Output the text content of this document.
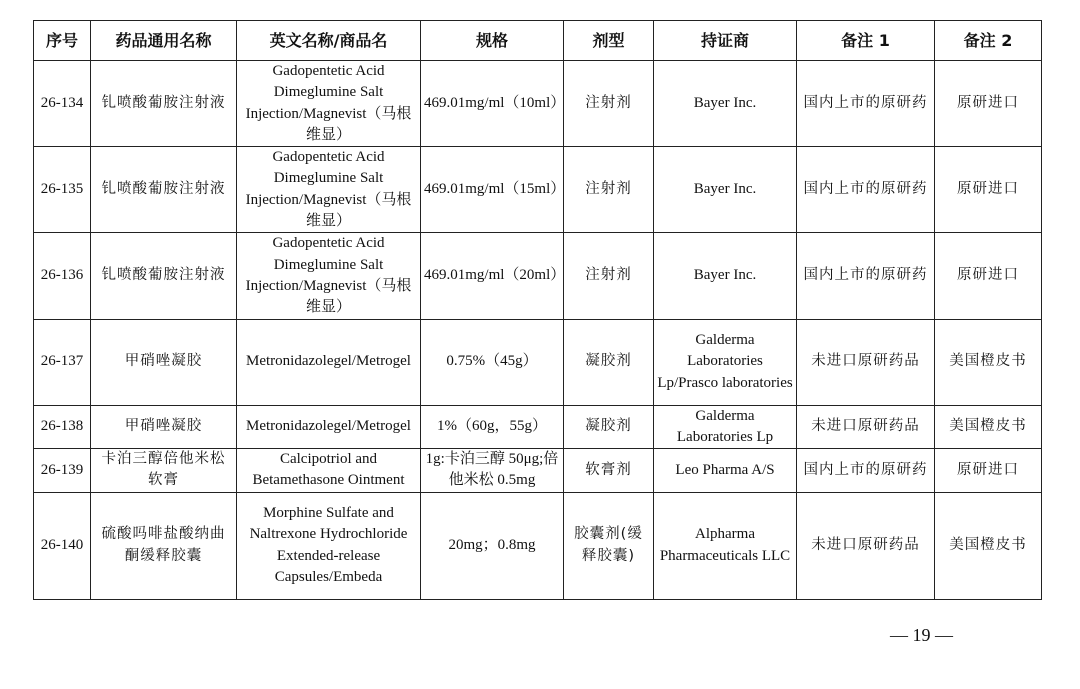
序号	药品通用名称	英文名称/商品名	规格	剂型	持证商	备注 1	备注 2
26-134	钆喷酸葡胺注射液	Gadopentetic Acid Dimeglumine Salt Injection/Magnevist（马根维显）	469.01mg/ml（10ml）	注射剂	Bayer Inc.	国内上市的原研药	原研进口
26-135	钆喷酸葡胺注射液	Gadopentetic Acid Dimeglumine Salt Injection/Magnevist（马根维显）	469.01mg/ml（15ml）	注射剂	Bayer Inc.	国内上市的原研药	原研进口
26-136	钆喷酸葡胺注射液	Gadopentetic Acid Dimeglumine Salt Injection/Magnevist（马根维显）	469.01mg/ml（20ml）	注射剂	Bayer Inc.	国内上市的原研药	原研进口
26-137	甲硝唑凝胶	Metronidazolegel/Metrogel	0.75%（45g）	凝胶剂	Galderma Laboratories Lp/Prasco laboratories	未进口原研药品	美国橙皮书
26-138	甲硝唑凝胶	Metronidazolegel/Metrogel	1%（60g，55g）	凝胶剂	Galderma Laboratories Lp	未进口原研药品	美国橙皮书
26-139	卡泊三醇倍他米松软膏	Calcipotriol and Betamethasone Ointment	1g:卡泊三醇 50μg;倍他米松 0.5mg	软膏剂	Leo Pharma A/S	国内上市的原研药	原研进口
26-140	硫酸吗啡盐酸纳曲酮缓释胶囊	Morphine Sulfate and Naltrexone Hydrochloride Extended-release Capsules/Embeda	20mg；0.8mg	胶囊剂(缓释胶囊)	Alpharma Pharmaceuticals LLC	未进口原研药品	美国橙皮书
— 19 —
